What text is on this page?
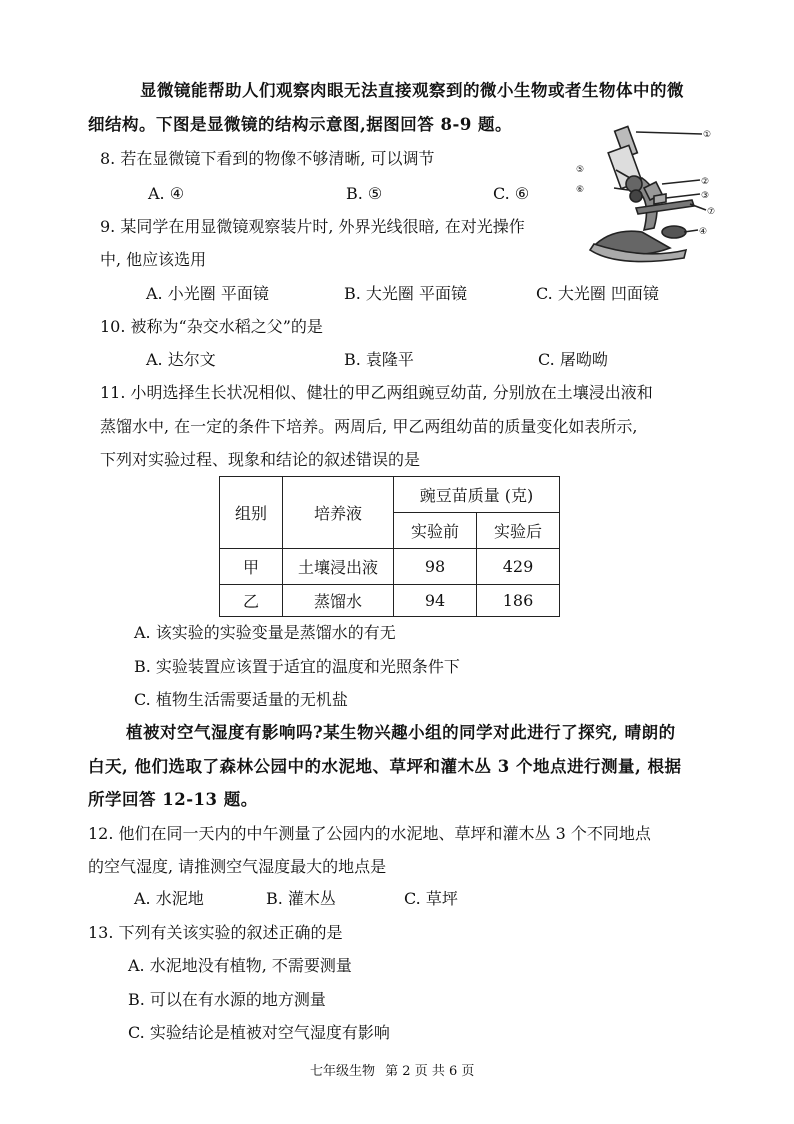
显微镜能帮助人们观察肉眼无法直接观察到的微小生物或者生物体中的微
细结构。下图是显微镜的结构示意图,据图回答 8-9 题。
①
②
③
④
⑤
⑥
⑦
8. 若在显微镜下看到的物像不够清晰, 可以调节
A. ④	B. ⑤	C. ⑥
9. 某同学在用显微镜观察装片时, 外界光线很暗, 在对光操作
中, 他应该选用
A. 小光圈 平面镜	B. 大光圈 平面镜	C. 大光圈 凹面镜
10. 被称为“杂交水稻之父”的是
A. 达尔文	B. 袁隆平	C. 屠呦呦
11. 小明选择生长状况相似、健壮的甲乙两组豌豆幼苗, 分别放在土壤浸出液和
蒸馏水中, 在一定的条件下培养。两周后, 甲乙两组幼苗的质量变化如表所示,
下列对实验过程、现象和结论的叙述错误的是
组别	培养液	豌豆苗质量 (克)	
		实验前	实验后
甲	土壤浸出液	98	429
乙	蒸馏水	94	186
A. 该实验的实验变量是蒸馏水的有无
B. 实验装置应该置于适宜的温度和光照条件下
C. 植物生活需要适量的无机盐
植被对空气湿度有影响吗?某生物兴趣小组的同学对此进行了探究, 晴朗的
白天, 他们选取了森林公园中的水泥地、草坪和灌木丛 3 个地点进行测量, 根据
所学回答 12-13 题。
12. 他们在同一天内的中午测量了公园内的水泥地、草坪和灌木丛 3 个不同地点
的空气湿度, 请推测空气湿度最大的地点是
A. 水泥地	B. 灌木丛	C. 草坪
13. 下列有关该实验的叙述正确的是
A. 水泥地没有植物, 不需要测量
B. 可以在有水源的地方测量
C. 实验结论是植被对空气湿度有影响
七年级生物 第 2 页 共 6 页
